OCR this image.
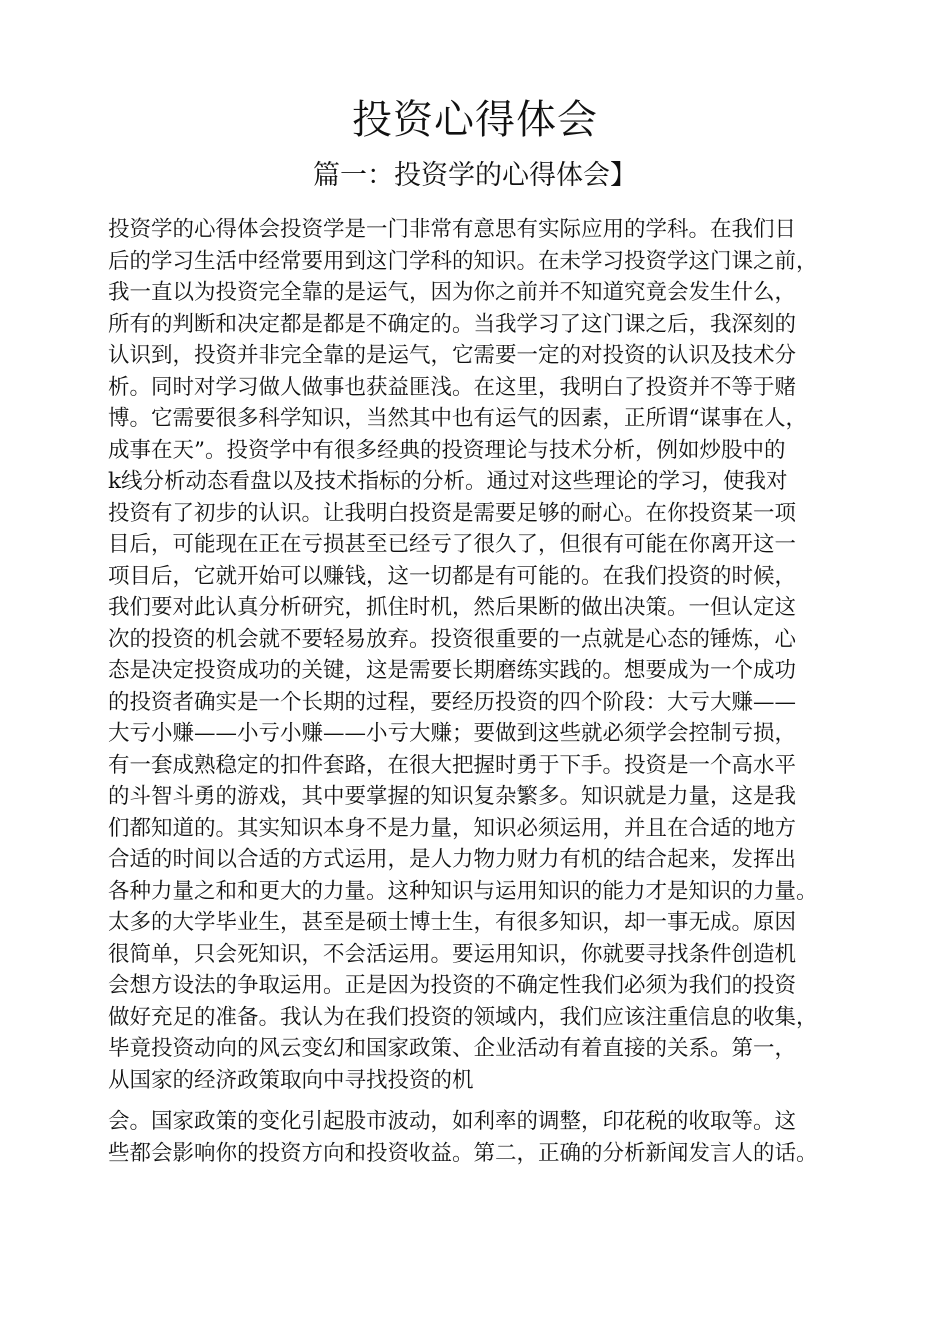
投资心得体会
篇一：投资学的心得体会】
投资学的心得体会投资学是一门非常有意思有实际应用的学科。在我们日
后的学习生活中经常要用到这门学科的知识。在未学习投资学这门课之前，
我一直以为投资完全靠的是运气，因为你之前并不知道究竟会发生什么，
所有的判断和决定都是都是不确定的。当我学习了这门课之后，我深刻的
认识到，投资并非完全靠的是运气，它需要一定的对投资的认识及技术分
析。同时对学习做人做事也获益匪浅。在这里，我明白了投资并不等于赌
博。它需要很多科学知识，当然其中也有运气的因素，正所谓“谋事在人，
成事在天”。投资学中有很多经典的投资理论与技术分析，例如炒股中的
k线分析动态看盘以及技术指标的分析。通过对这些理论的学习，使我对
投资有了初步的认识。让我明白投资是需要足够的耐心。在你投资某一项
目后，可能现在正在亏损甚至已经亏了很久了，但很有可能在你离开这一
项目后，它就开始可以赚钱，这一切都是有可能的。在我们投资的时候，
我们要对此认真分析研究，抓住时机，然后果断的做出决策。一但认定这
次的投资的机会就不要轻易放弃。投资很重要的一点就是心态的锤炼，心
态是决定投资成功的关键，这是需要长期磨练实践的。想要成为一个成功
的投资者确实是一个长期的过程，要经历投资的四个阶段：大亏大赚——
大亏小赚——小亏小赚——小亏大赚；要做到这些就必须学会控制亏损，
有一套成熟稳定的扣件套路，在很大把握时勇于下手。投资是一个高水平
的斗智斗勇的游戏，其中要掌握的知识复杂繁多。知识就是力量，这是我
们都知道的。其实知识本身不是力量，知识必须运用，并且在合适的地方
合适的时间以合适的方式运用，是人力物力财力有机的结合起来，发挥出
各种力量之和和更大的力量。这种知识与运用知识的能力才是知识的力量。
太多的大学毕业生，甚至是硕士博士生，有很多知识，却一事无成。原因
很简单，只会死知识，不会活运用。要运用知识，你就要寻找条件创造机
会想方设法的争取运用。正是因为投资的不确定性我们必须为我们的投资
做好充足的准备。我认为在我们投资的领域内，我们应该注重信息的收集，
毕竟投资动向的风云变幻和国家政策、企业活动有着直接的关系。第一，
从国家的经济政策取向中寻找投资的机
会。国家政策的变化引起股市波动，如利率的调整，印花税的收取等。这
些都会影响你的投资方向和投资收益。第二，正确的分析新闻发言人的话。
